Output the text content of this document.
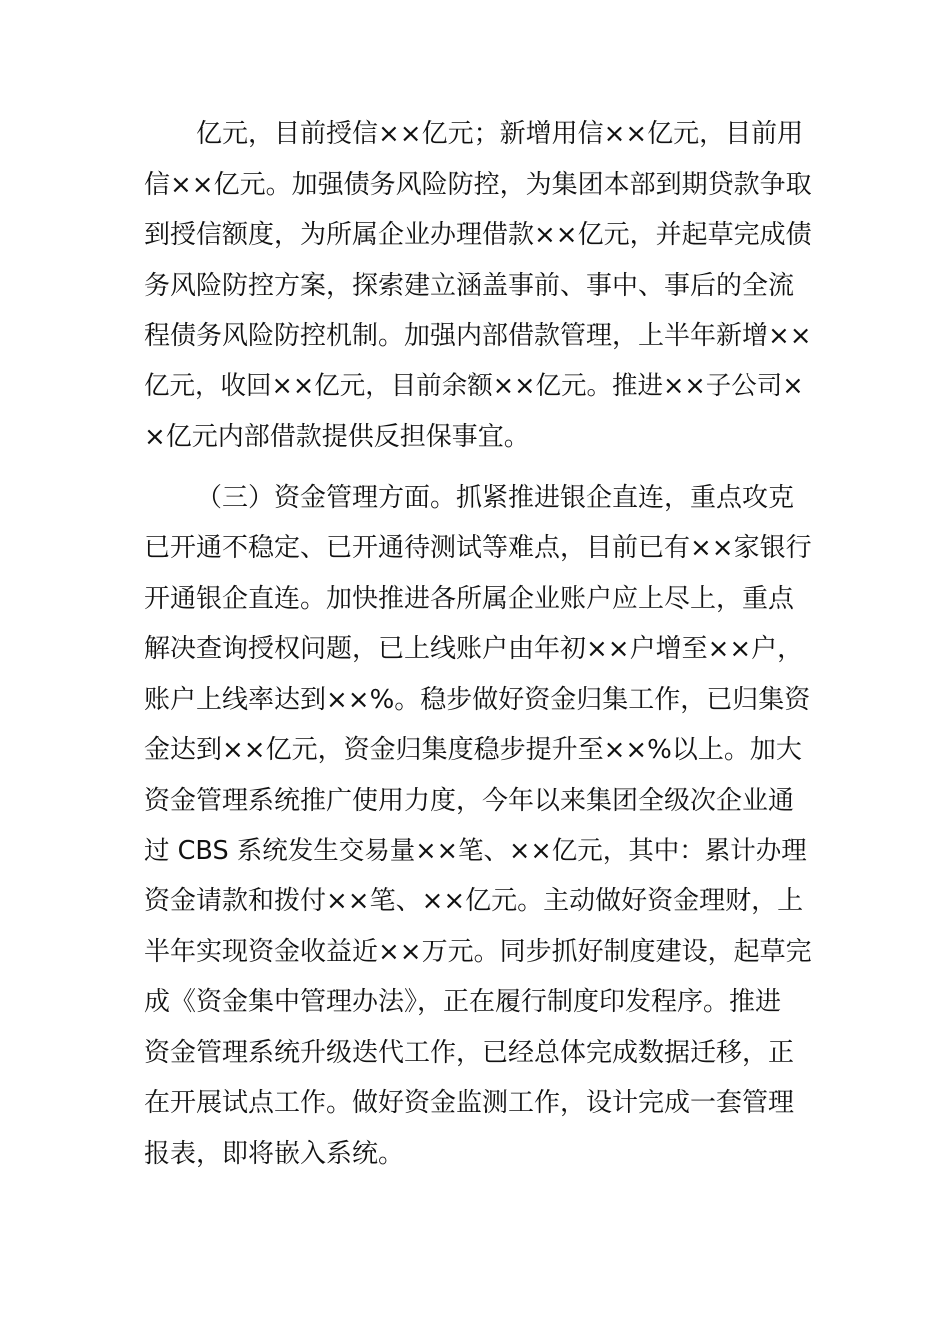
亿元，目前授信××亿元；新增用信××亿元，目前用
信××亿元。加强债务风险防控，为集团本部到期贷款争取
到授信额度，为所属企业办理借款××亿元，并起草完成债
务风险防控方案，探索建立涵盖事前、事中、事后的全流
程债务风险防控机制。加强内部借款管理，上半年新增××
亿元，收回××亿元，目前余额××亿元。推进××子公司×
×亿元内部借款提供反担保事宜。
（三）资金管理方面。抓紧推进银企直连，重点攻克
已开通不稳定、已开通待测试等难点，目前已有××家银行
开通银企直连。加快推进各所属企业账户应上尽上，重点
解决查询授权问题，已上线账户由年初××户增至××户，
账户上线率达到××%。稳步做好资金归集工作，已归集资
金达到××亿元，资金归集度稳步提升至××%以上。加大
资金管理系统推广使用力度，今年以来集团全级次企业通
过 CBS 系统发生交易量××笔、××亿元，其中：累计办理
资金请款和拨付××笔、××亿元。主动做好资金理财，上
半年实现资金收益近××万元。同步抓好制度建设，起草完
成《资金集中管理办法》，正在履行制度印发程序。推进
资金管理系统升级迭代工作，已经总体完成数据迁移，正
在开展试点工作。做好资金监测工作，设计完成一套管理
报表，即将嵌入系统。
